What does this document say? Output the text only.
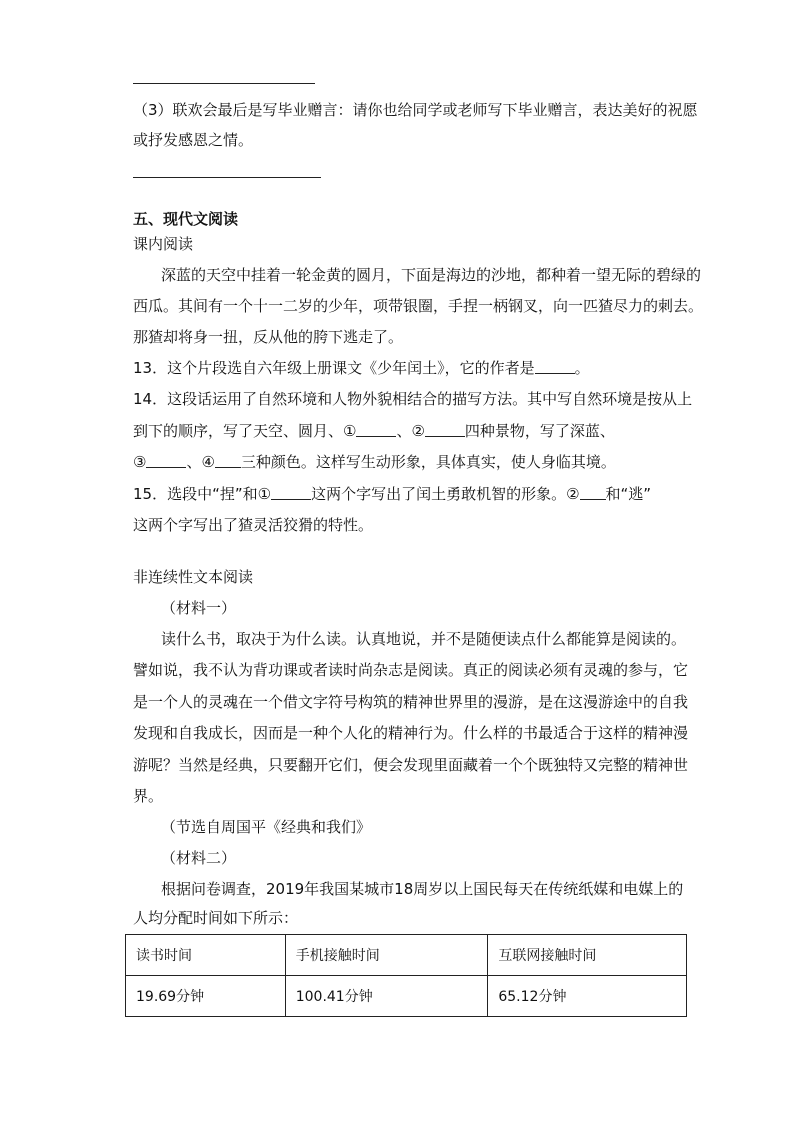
（3）联欢会最后是写毕业赠言：请你也给同学或老师写下毕业赠言，表达美好的祝愿
或抒发感恩之情。
五、现代文阅读
课内阅读
深蓝的天空中挂着一轮金黄的圆月，下面是海边的沙地，都种着一望无际的碧绿的
西瓜。其间有一个十一二岁的少年，项带银圈，手捏一柄钢叉，向一匹猹尽力的刺去。
那猹却将身一扭，反从他的胯下逃走了。
13．这个片段选自六年级上册课文《少年闰土》，它的作者是	。
14．这段话运用了自然环境和人物外貌相结合的描写方法。其中写自然环境是按从上
到下的顺序，写了天空、圆月、①	、②	四种景物，写了深蓝、
③	、④ 三种颜色。这样写生动形象，具体真实，使人身临其境。
15．选段中“捏”和①	这两个字写出了闰土勇敢机智的形象。② 和“逃”
这两个字写出了猹灵活狡猾的特性。
非连续性文本阅读
（材料一）
读什么书，取决于为什么读。认真地说，并不是随便读点什么都能算是阅读的。
譬如说，我不认为背功课或者读时尚杂志是阅读。真正的阅读必须有灵魂的参与，它
是一个人的灵魂在一个借文字符号构筑的精神世界里的漫游，是在这漫游途中的自我
发现和自我成长，因而是一种个人化的精神行为。什么样的书最适合于这样的精神漫
游呢？当然是经典，只要翻开它们，便会发现里面藏着一个个既独特又完整的精神世
界。
（节选自周国平《经典和我们》
（材料二）
根据问卷调查，2019年我国某城市18周岁以上国民每天在传统纸媒和电媒上的
人均分配时间如下所示：
读书时间	手机接触时间	互联网接触时间
19.69分钟	100.41分钟	65.12分钟
